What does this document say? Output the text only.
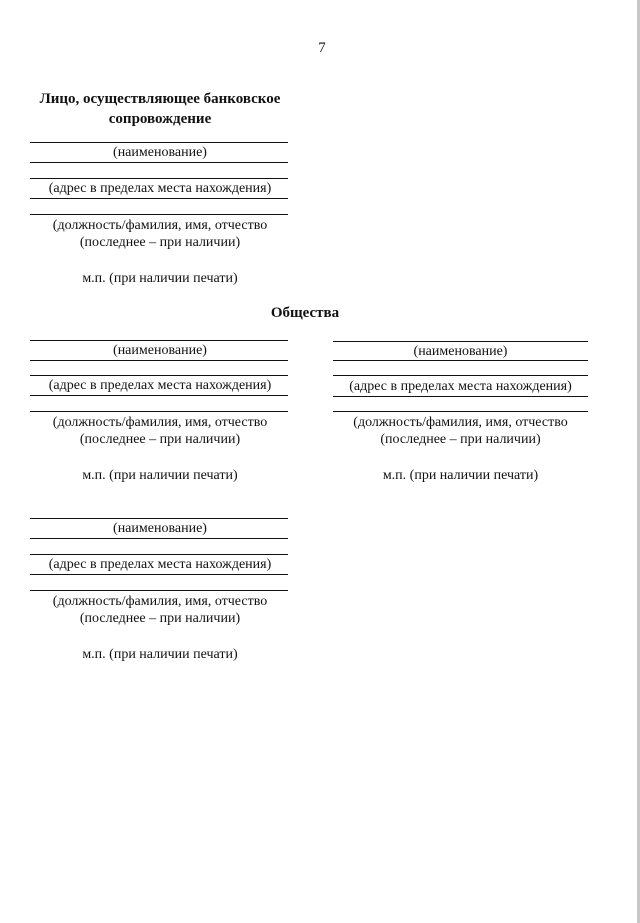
7
Лицо, осуществляющее банковское
сопровождение
(наименование)
(адрес в пределах места нахождения)
(должность/фамилия, имя, отчество
(последнее – при наличии)
м.п. (при наличии печати)
Общества
(наименование)
(адрес в пределах места нахождения)
(должность/фамилия, имя, отчество
(последнее – при наличии)
м.п. (при наличии печати)
(наименование)
(адрес в пределах места нахождения)
(должность/фамилия, имя, отчество
(последнее – при наличии)
м.п. (при наличии печати)
(наименование)
(адрес в пределах места нахождения)
(должность/фамилия, имя, отчество
(последнее – при наличии)
м.п. (при наличии печати)
